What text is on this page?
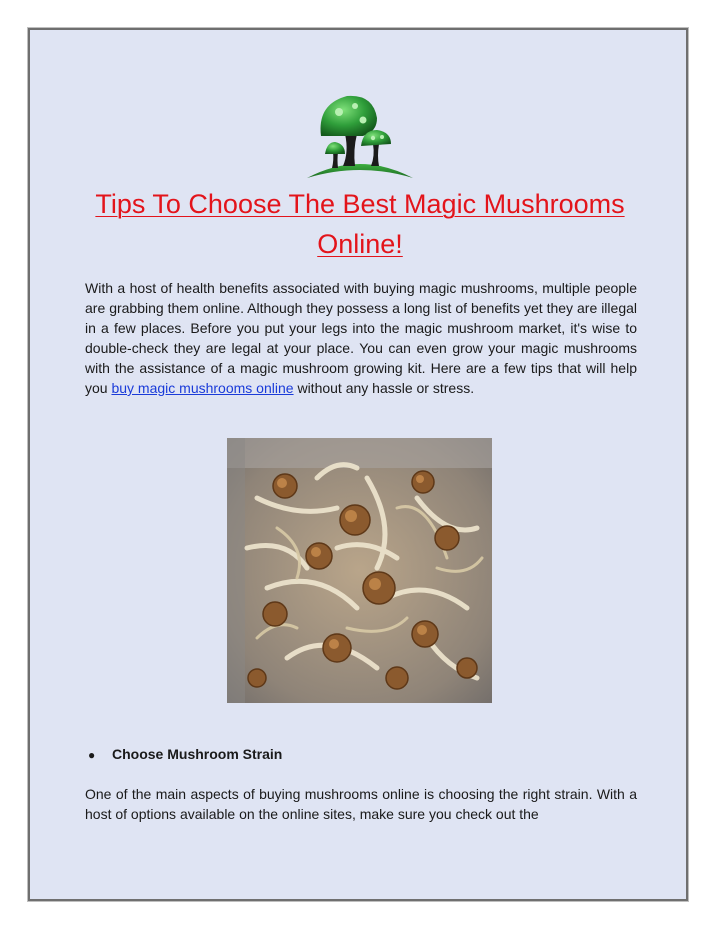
Tips To Choose The Best Magic Mushrooms Online!

With a host of health benefits associated with buying magic mushrooms, multiple people are grabbing them online. Although they possess a long list of benefits yet they are illegal in a few places. Before you put your legs into the magic mushroom market, it's wise to double-check they are legal at your place. You can even grow your magic mushrooms with the assistance of a magic mushroom growing kit. Here are a few tips that will help you buy magic mushrooms online without any hassle or stress.

● Choose Mushroom Strain

One of the main aspects of buying mushrooms online is choosing the right strain. With a host of options available on the online sites, make sure you check out the
